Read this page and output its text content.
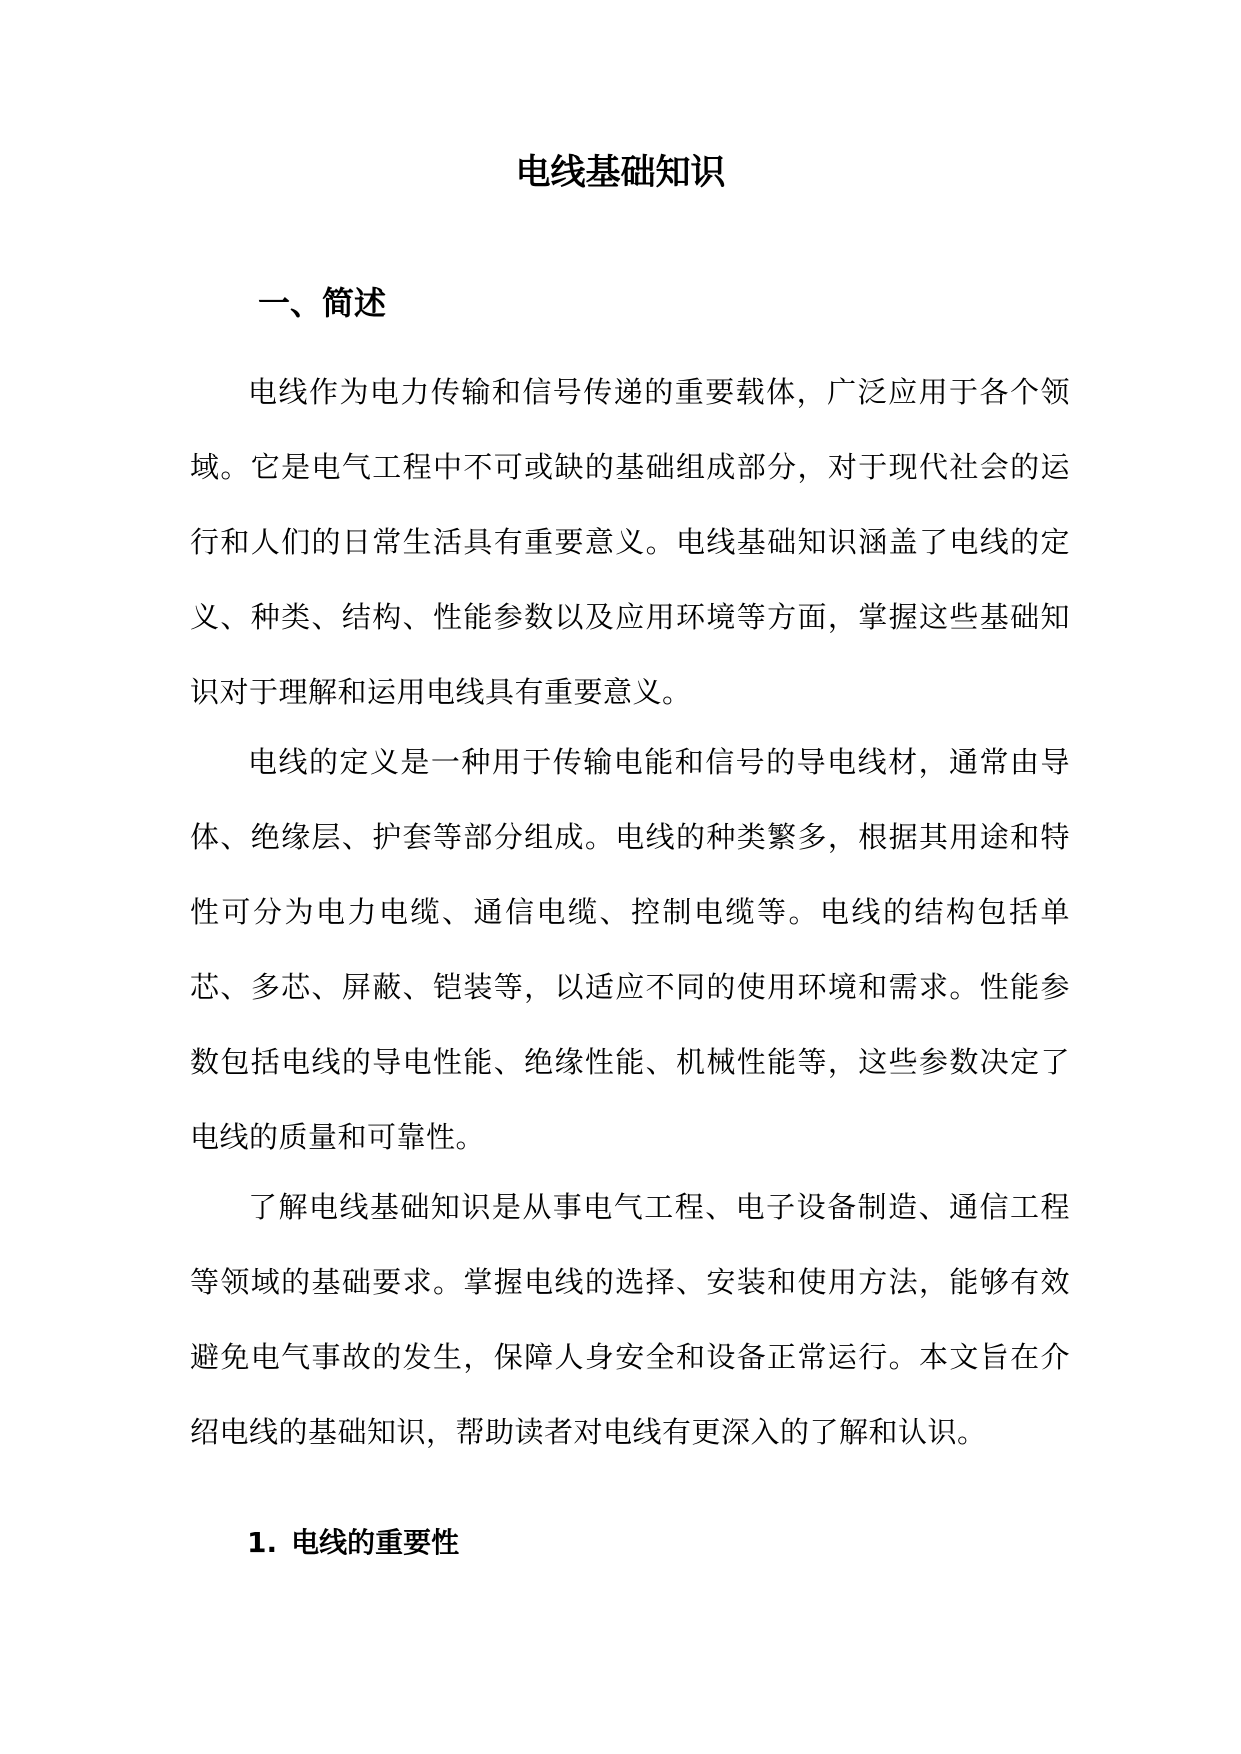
电线基础知识
一、简述

电线作为电力传输和信号传递的重要载体，广泛应用于各个领域。它是电气工程中不可或缺的基础组成部分，对于现代社会的运行和人们的日常生活具有重要意义。电线基础知识涵盖了电线的定义、种类、结构、性能参数以及应用环境等方面，掌握这些基础知识对于理解和运用电线具有重要意义。

电线的定义是一种用于传输电能和信号的导电线材，通常由导体、绝缘层、护套等部分组成。电线的种类繁多，根据其用途和特性可分为电力电缆、通信电缆、控制电缆等。电线的结构包括单芯、多芯、屏蔽、铠装等，以适应不同的使用环境和需求。性能参数包括电线的导电性能、绝缘性能、机械性能等，这些参数决定了电线的质量和可靠性。

了解电线基础知识是从事电气工程、电子设备制造、通信工程等领域的基础要求。掌握电线的选择、安装和使用方法，能够有效避免电气事故的发生，保障人身安全和设备正常运行。本文旨在介绍电线的基础知识，帮助读者对电线有更深入的了解和认识。

1. 电线的重要性
